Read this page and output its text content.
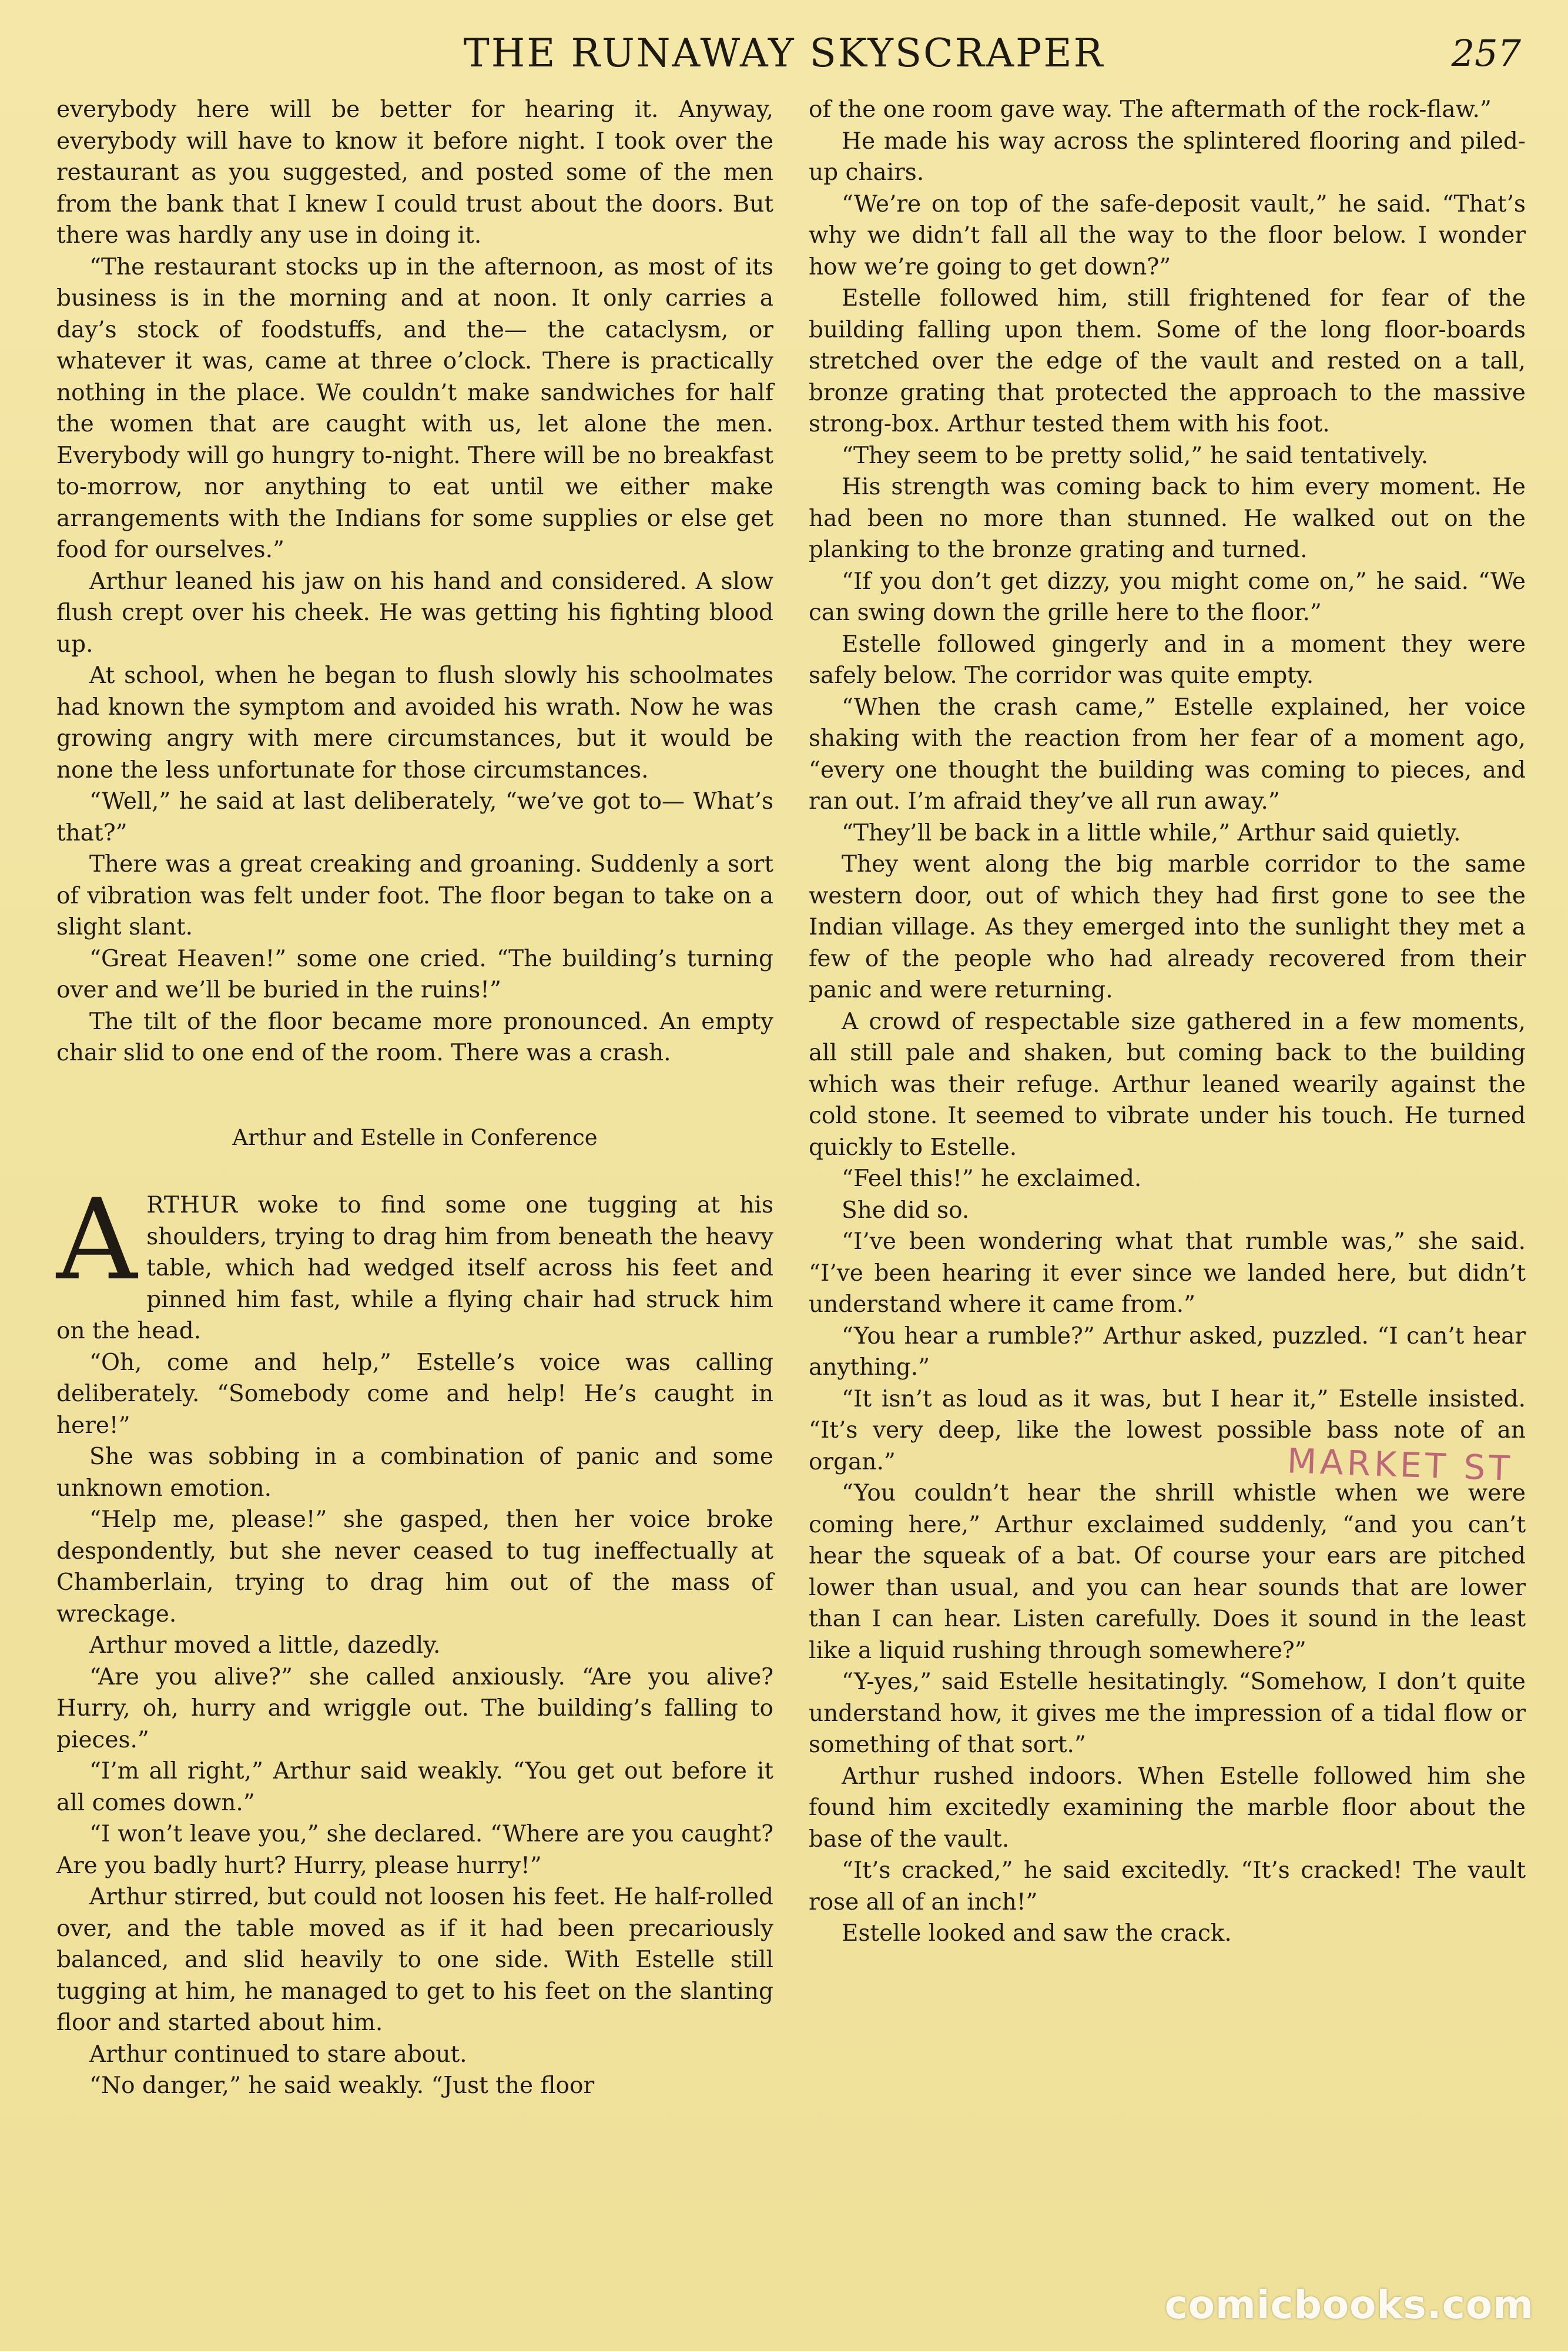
THE RUNAWAY SKYSCRAPER	257

everybody here will be better for hearing it. Anyway, everybody will have to know it before night. I took over the restaurant as you suggested, and posted some of the men from the bank that I knew I could trust about the doors. But there was hardly any use in doing it.

“The restaurant stocks up in the afternoon, as most of its business is in the morning and at noon. It only carries a day’s stock of foodstuffs, and the— the cataclysm, or whatever it was, came at three o’clock. There is practically nothing in the place. We couldn’t make sandwiches for half the women that are caught with us, let alone the men. Everybody will go hungry to-night. There will be no breakfast to-morrow, nor anything to eat until we either make arrangements with the Indians for some supplies or else get food for ourselves.”

Arthur leaned his jaw on his hand and considered. A slow flush crept over his cheek. He was getting his fighting blood up.

At school, when he began to flush slowly his schoolmates had known the symptom and avoided his wrath. Now he was growing angry with mere circumstances, but it would be none the less unfortunate for those circumstances.

“Well,” he said at last deliberately, “we’ve got to— What’s that?”

There was a great creaking and groaning. Suddenly a sort of vibration was felt under foot. The floor began to take on a slight slant.

“Great Heaven!” some one cried. “The building’s turning over and we’ll be buried in the ruins!”

The tilt of the floor became more pronounced. An empty chair slid to one end of the room. There was a crash.

Arthur and Estelle in Conference

ARTHUR woke to find some one tugging at his shoulders, trying to drag him from beneath the heavy table, which had wedged itself across his feet and pinned him fast, while a flying chair had struck him on the head.

“Oh, come and help,” Estelle’s voice was calling deliberately. “Somebody come and help! He’s caught in here!”

She was sobbing in a combination of panic and some unknown emotion.

“Help me, please!” she gasped, then her voice broke despondently, but she never ceased to tug ineffectually at Chamberlain, trying to drag him out of the mass of wreckage.

Arthur moved a little, dazedly.

“Are you alive?” she called anxiously. “Are you alive? Hurry, oh, hurry and wriggle out. The building’s falling to pieces.”

“I’m all right,” Arthur said weakly. “You get out before it all comes down.”

“I won’t leave you,” she declared. “Where are you caught? Are you badly hurt? Hurry, please hurry!”

Arthur stirred, but could not loosen his feet. He half-rolled over, and the table moved as if it had been precariously balanced, and slid heavily to one side. With Estelle still tugging at him, he managed to get to his feet on the slanting floor and started about him.

Arthur continued to stare about.

“No danger,” he said weakly. “Just the floor

of the one room gave way. The aftermath of the rock-flaw.”

He made his way across the splintered flooring and piled-up chairs.

“We’re on top of the safe-deposit vault,” he said. “That’s why we didn’t fall all the way to the floor below. I wonder how we’re going to get down?”

Estelle followed him, still frightened for fear of the building falling upon them. Some of the long floor-boards stretched over the edge of the vault and rested on a tall, bronze grating that protected the approach to the massive strong-box. Arthur tested them with his foot.

“They seem to be pretty solid,” he said tentatively.

His strength was coming back to him every moment. He had been no more than stunned. He walked out on the planking to the bronze grating and turned.

“If you don’t get dizzy, you might come on,” he said. “We can swing down the grille here to the floor.”

Estelle followed gingerly and in a moment they were safely below. The corridor was quite empty.

“When the crash came,” Estelle explained, her voice shaking with the reaction from her fear of a moment ago, “every one thought the building was coming to pieces, and ran out. I’m afraid they’ve all run away.”

“They’ll be back in a little while,” Arthur said quietly.

They went along the big marble corridor to the same western door, out of which they had first gone to see the Indian village. As they emerged into the sunlight they met a few of the people who had already recovered from their panic and were returning.

A crowd of respectable size gathered in a few moments, all still pale and shaken, but coming back to the building which was their refuge. Arthur leaned wearily against the cold stone. It seemed to vibrate under his touch. He turned quickly to Estelle.

“Feel this!” he exclaimed.

She did so.

“I’ve been wondering what that rumble was,” she said. “I’ve been hearing it ever since we landed here, but didn’t understand where it came from.”

“You hear a rumble?” Arthur asked, puzzled. “I can’t hear anything.”

“It isn’t as loud as it was, but I hear it,” Estelle insisted. “It’s very deep, like the lowest possible bass note of an organ.”

“You couldn’t hear the shrill whistle when we were coming here,” Arthur exclaimed suddenly, “and you can’t hear the squeak of a bat. Of course your ears are pitched lower than usual, and you can hear sounds that are lower than I can hear. Listen carefully. Does it sound in the least like a liquid rushing through somewhere?”

“Y-yes,” said Estelle hesitatingly. “Somehow, I don’t quite understand how, it gives me the impression of a tidal flow or something of that sort.”

Arthur rushed indoors. When Estelle followed him she found him excitedly examining the marble floor about the base of the vault.

“It’s cracked,” he said excitedly. “It’s cracked! The vault rose all of an inch!”

Estelle looked and saw the crack.

MARKET ST
comicbooks.com
